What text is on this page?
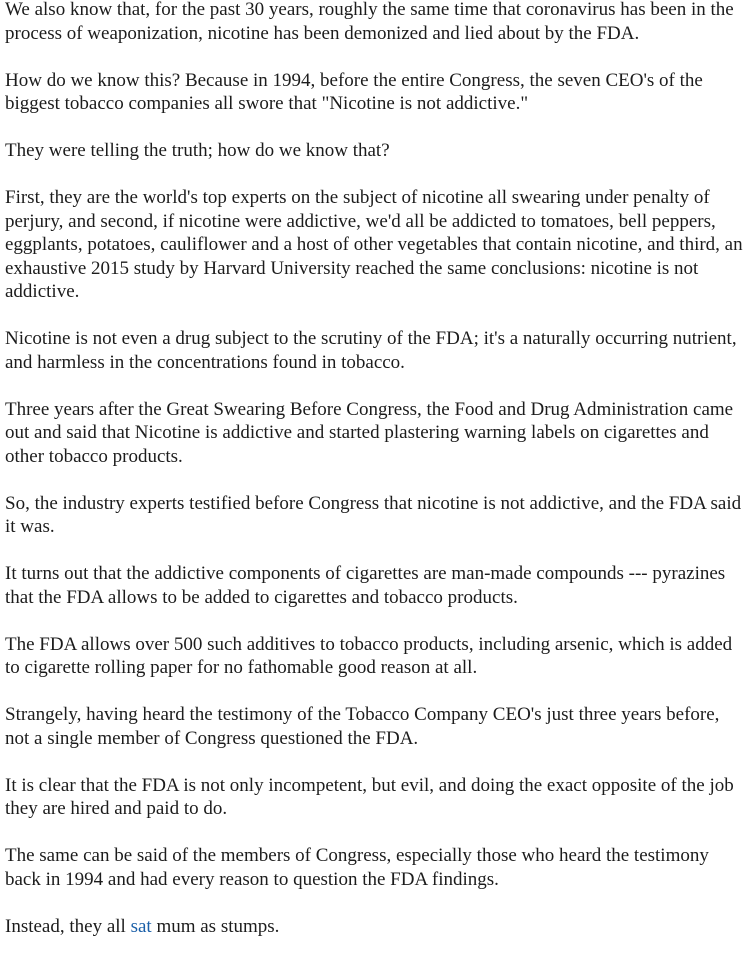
We also know that, for the past 30 years, roughly the same time that coronavirus has been in the process of weaponization, nicotine has been demonized and lied about by the FDA.

How do we know this? Because in 1994, before the entire Congress, the seven CEO's of the biggest tobacco companies all swore that "Nicotine is not addictive."

They were telling the truth; how do we know that?

First, they are the world's top experts on the subject of nicotine all swearing under penalty of perjury, and second, if nicotine were addictive, we'd all be addicted to tomatoes, bell peppers, eggplants, potatoes, cauliflower and a host of other vegetables that contain nicotine, and third, an exhaustive 2015 study by Harvard University reached the same conclusions: nicotine is not addictive.

Nicotine is not even a drug subject to the scrutiny of the FDA; it's a naturally occurring nutrient, and harmless in the concentrations found in tobacco.

Three years after the Great Swearing Before Congress, the Food and Drug Administration came out and said that Nicotine is addictive and started plastering warning labels on cigarettes and other tobacco products.

So, the industry experts testified before Congress that nicotine is not addictive, and the FDA said it was.

It turns out that the addictive components of cigarettes are man-made compounds --- pyrazines that the FDA allows to be added to cigarettes and tobacco products.

The FDA allows over 500 such additives to tobacco products, including arsenic, which is added to cigarette rolling paper for no fathomable good reason at all.

Strangely, having heard the testimony of the Tobacco Company CEO's just three years before, not a single member of Congress questioned the FDA.

It is clear that the FDA is not only incompetent, but evil, and doing the exact opposite of the job they are hired and paid to do.

The same can be said of the members of Congress, especially those who heard the testimony back in 1994 and had every reason to question the FDA findings.

Instead, they all sat mum as stumps.
